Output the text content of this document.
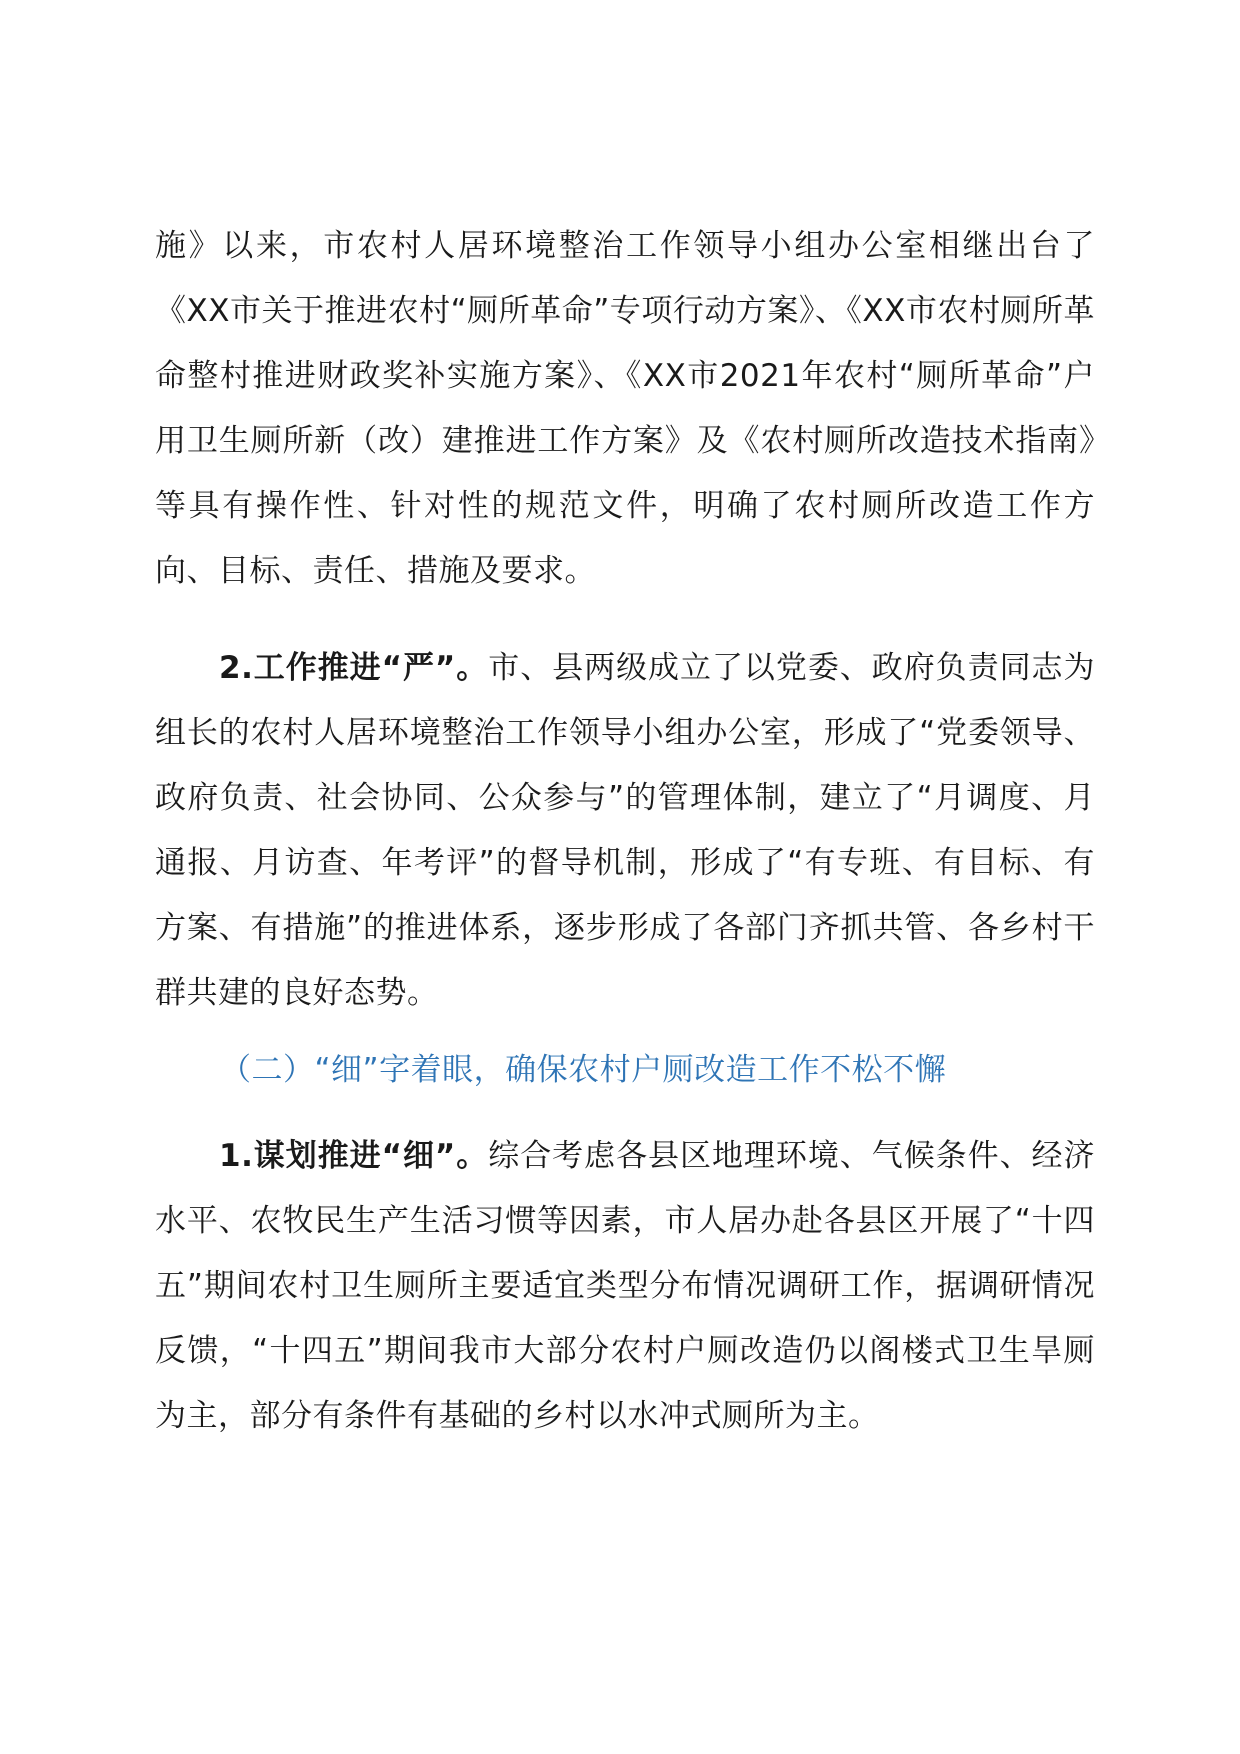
施》以来，市农村人居环境整治工作领导小组办公室相继出台了《XX市关于推进农村“厕所革命”专项行动方案》、《XX市农村厕所革命整村推进财政奖补实施方案》、《XX市2021年农村“厕所革命”户用卫生厕所新（改）建推进工作方案》及《农村厕所改造技术指南》等具有操作性、针对性的规范文件，明确了农村厕所改造工作方向、目标、责任、措施及要求。

2.工作推进“严”。市、县两级成立了以党委、政府负责同志为组长的农村人居环境整治工作领导小组办公室，形成了“党委领导、政府负责、社会协同、公众参与”的管理体制，建立了“月调度、月通报、月访查、年考评”的督导机制，形成了“有专班、有目标、有方案、有措施”的推进体系，逐步形成了各部门齐抓共管、各乡村干群共建的良好态势。

（二）“细”字着眼，确保农村户厕改造工作不松不懈

1.谋划推进“细”。综合考虑各县区地理环境、气候条件、经济水平、农牧民生产生活习惯等因素，市人居办赴各县区开展了“十四五”期间农村卫生厕所主要适宜类型分布情况调研工作，据调研情况反馈，“十四五”期间我市大部分农村户厕改造仍以阁楼式卫生旱厕为主，部分有条件有基础的乡村以水冲式厕所为主。
